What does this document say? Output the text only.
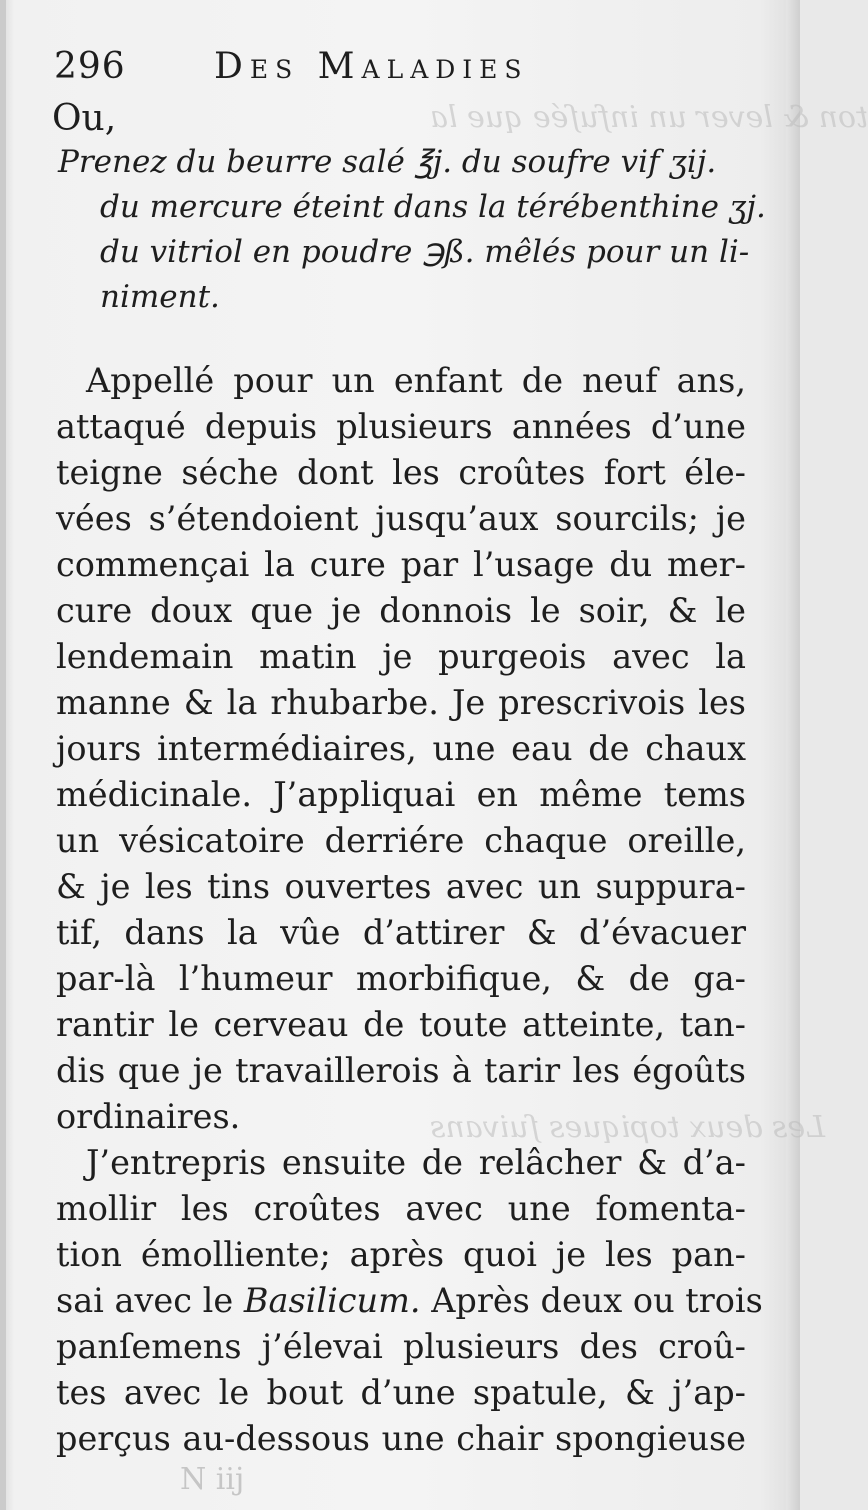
ton & lever un infuſée que la
Les deux topiques ſuivans
296 Des Maladies
Ou,
Prenez du beurre salé ℥j. du soufre vif ʒij.
du mercure éteint dans la térébenthine ʒj.
du vitriol en poudre ℈ß. mêlés pour un li-
niment.
Appellé pour un enfant de neuf ans,
attaqué depuis plusieurs années d’une
teigne séche dont les croûtes fort éle-
vées s’étendoient jusqu’aux sourcils; je
commençai la cure par l’usage du mer-
cure doux que je donnois le soir, & le
lendemain matin je purgeois avec la
manne & la rhubarbe. Je prescrivois les
jours intermédiaires, une eau de chaux
médicinale. J’appliquai en même tems
un vésicatoire derriére chaque oreille,
& je les tins ouvertes avec un suppura-
tif, dans la vûe d’attirer & d’évacuer
par-là l’humeur morbifique, & de ga-
rantir le cerveau de toute atteinte, tan-
dis que je travaillerois à tarir les égoûts
ordinaires.
J’entrepris ensuite de relâcher & d’a-
mollir les croûtes avec une fomenta-
tion émolliente; après quoi je les pan-
sai avec le Basilicum. Après deux ou trois
panſemens j’élevai plusieurs des croû-
tes avec le bout d’une spatule, & j’ap-
perçus au-dessous une chair spongieuse
N iij
